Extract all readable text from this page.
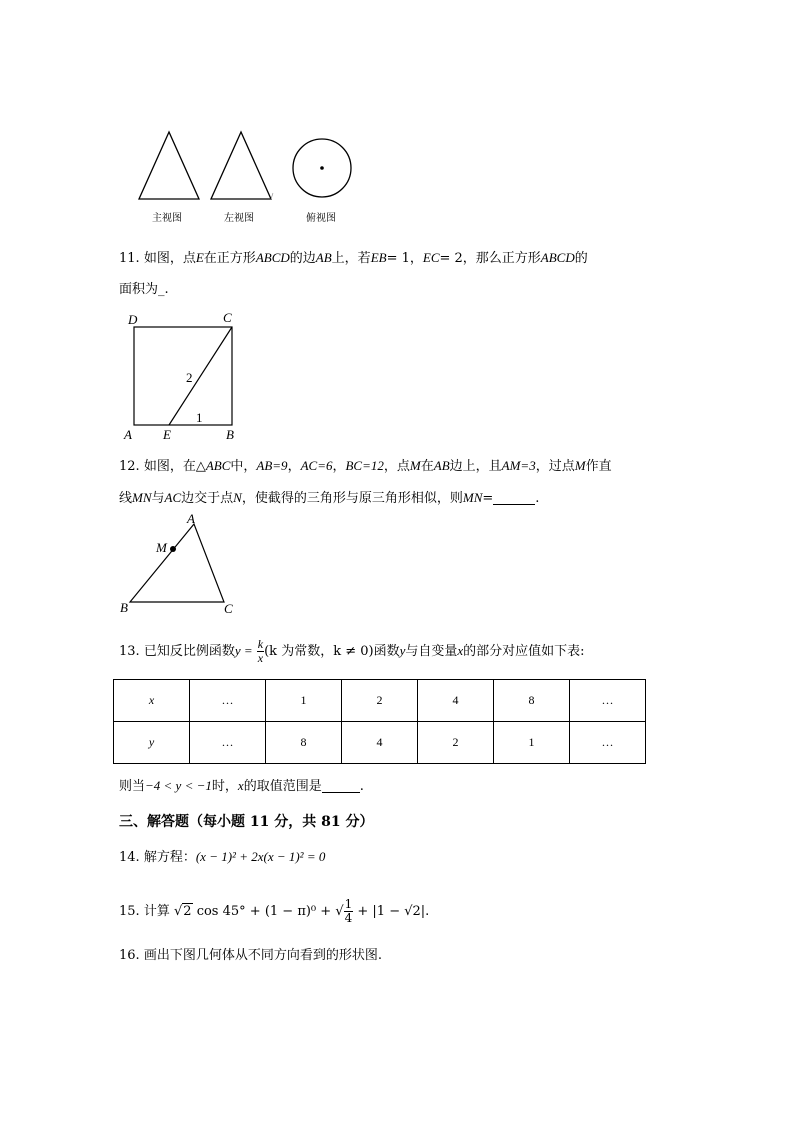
主视图	左视图	俯视图
11. 如图，点E在正方形ABCD的边AB上，若EB= 1，EC= 2，那么正方形ABCD的
面积为_.
D	C
A E	B
2
1
12. 如图，在△ABC中，AB=9，AC=6，BC=12，点M在AB边上，且AM=3，过点M作直
线MN与AC边交于点N，使截得的三角形与原三角形相似，则MN=	.
A
M
B	C
13. 已知反比例函数$y = \frac{k}{x} (k$ 为常数，k ≠ 0)函数y与自变量x的部分对应值如下表:
x	…	1	2	4	8	…
y	…	8	4	2	1	…
则当−4 < y < −1时，x的取值范围是	.
三、解答题（每小题 11 分，共 81 分）
14. 解方程：(x − 1)² + 2x(x − 1)² = 0
15. 计算 √2 cos 45° + (1 − π)⁰ + √ $\frac{1}{4} + |1 - √2|$.
16. 画出下图几何体从不同方向看到的形状图.
